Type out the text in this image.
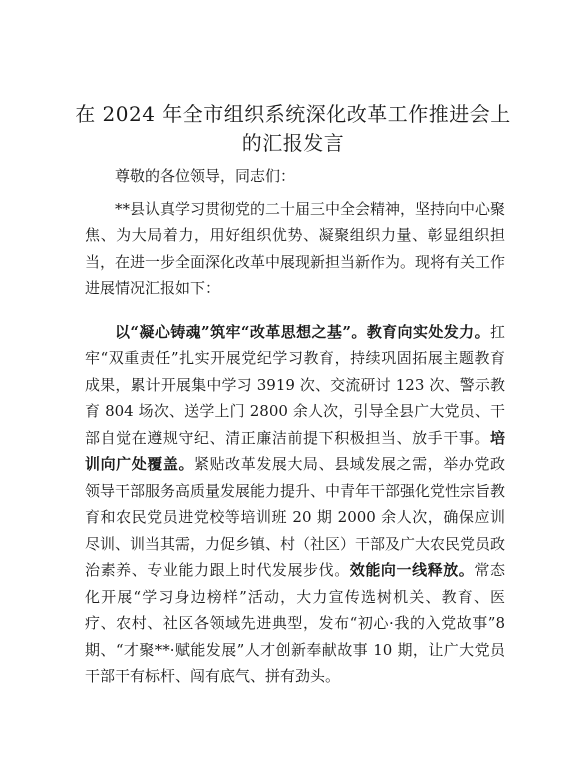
在 2024 年全市组织系统深化改革工作推进会上
的汇报发言

尊敬的各位领导，同志们：

**县认真学习贯彻党的二十届三中全会精神，坚持向中心聚焦、为大局着力，用好组织优势、凝聚组织力量、彰显组织担当，在进一步全面深化改革中展现新担当新作为。现将有关工作进展情况汇报如下：

以“凝心铸魂”筑牢“改革思想之基”。教育向实处发力。扛牢“双重责任”扎实开展党纪学习教育，持续巩固拓展主题教育成果，累计开展集中学习 3919 次、交流研讨 123 次、警示教育 804 场次、送学上门 2800 余人次，引导全县广大党员、干部自觉在遵规守纪、清正廉洁前提下积极担当、放手干事。培训向广处覆盖。紧贴改革发展大局、县域发展之需，举办党政领导干部服务高质量发展能力提升、中青年干部强化党性宗旨教育和农民党员进党校等培训班 20 期 2000 余人次，确保应训尽训、训当其需，力促乡镇、村（社区）干部及广大农民党员政治素养、专业能力跟上时代发展步伐。效能向一线释放。常态化开展“学习身边榜样”活动，大力宣传选树机关、教育、医疗、农村、社区各领域先进典型，发布“初心·我的入党故事”8 期、“才聚**·赋能发展”人才创新奉献故事 10 期，让广大党员干部干有标杆、闯有底气、拼有劲头。
